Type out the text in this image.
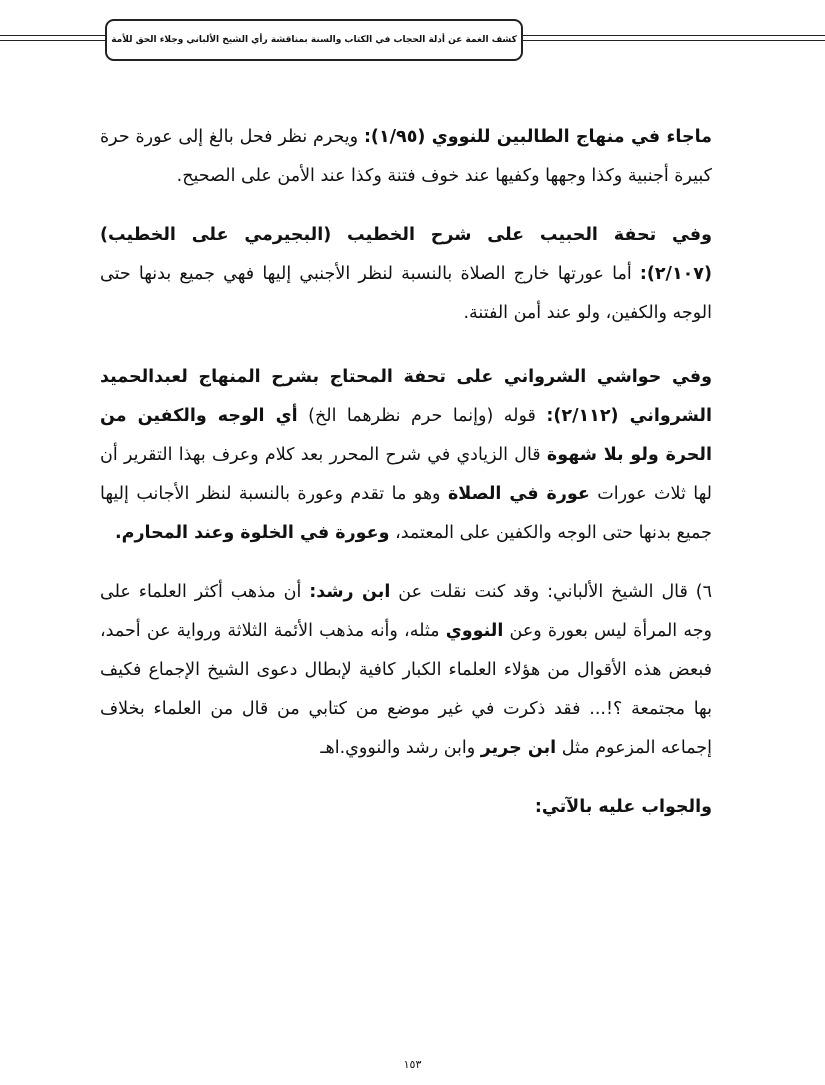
كشف الغمة عن أدلة الحجاب في الكتاب والسنة بمناقشة رأي الشيخ الألباني وجلاء الحق للأمة

ماجاء في منهاج الطالبين للنووي (١/٩٥): ويحرم نظر فحل بالغ إلى عورة حرة كبيرة أجنبية وكذا وجهها وكفيها عند خوف فتنة وكذا عند الأمن على الصحيح.

وفي تحفة الحبيب على شرح الخطيب (البجيرمي على الخطيب) (٢/١٠٧): أما عورتها خارج الصلاة بالنسبة لنظر الأجنبي إليها فهي جميع بدنها حتى الوجه والكفين، ولو عند أمن الفتنة.

وفي حواشي الشرواني على تحفة المحتاج بشرح المنهاج لعبدالحميد الشرواني (٢/١١٢): قوله (وإنما حرم نظرهما الخ) أي الوجه والكفين من الحرة ولو بلا شهوة قال الزيادي في شرح المحرر بعد كلام وعرف بهذا التقرير أن لها ثلاث عورات عورة في الصلاة وهو ما تقدم وعورة بالنسبة لنظر الأجانب إليها جميع بدنها حتى الوجه والكفين على المعتمد، وعورة في الخلوة وعند المحارم.

٦) قال الشيخ الألباني: وقد كنت نقلت عن ابن رشد: أن مذهب أكثر العلماء على وجه المرأة ليس بعورة وعن النووي مثله، وأنه مذهب الأئمة الثلاثة ورواية عن أحمد، فبعض هذه الأقوال من هؤلاء العلماء الكبار كافية لإبطال دعوى الشيخ الإجماع فكيف بها مجتمعة ؟!... فقد ذكرت في غير موضع من كتابي من قال من العلماء بخلاف إجماعه المزعوم مثل ابن جرير وابن رشد والنووي.اهـ

والجواب عليه بالآتي:

١٥٣
